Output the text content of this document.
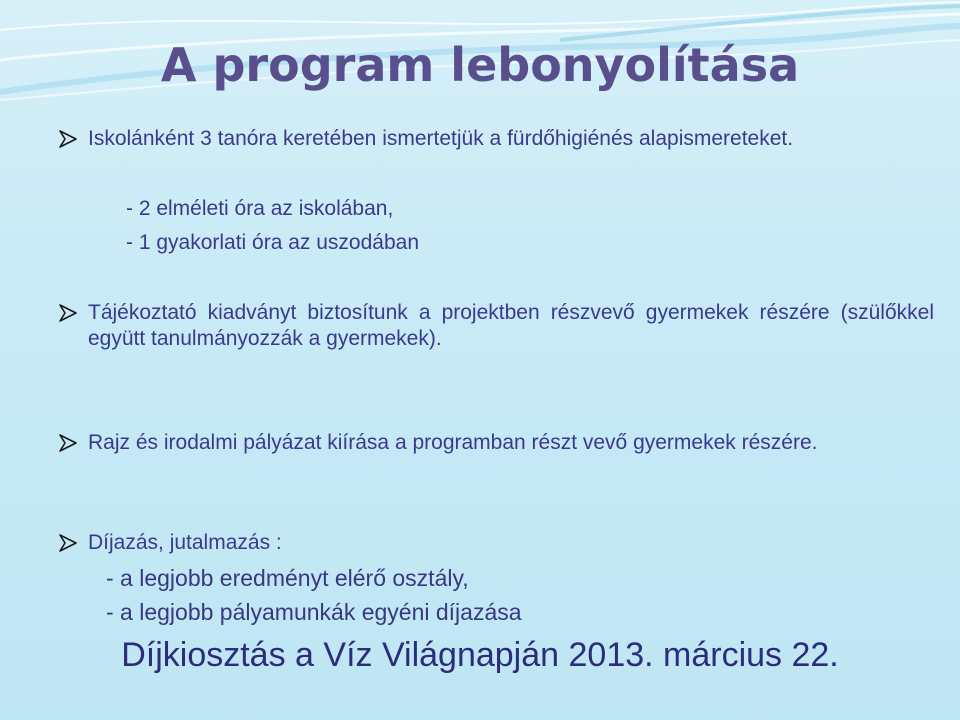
A program lebonyolítása
Iskolánként 3 tanóra keretében ismertetjük a fürdőhigiénés alapismereteket.
- 2 elméleti óra az iskolában,
- 1 gyakorlati óra az uszodában
Tájékoztató kiadványt biztosítunk a projektben részvevő gyermekek részére (szülőkkel együtt tanulmányozzák a gyermekek).
Rajz és irodalmi pályázat kiírása a programban részt vevő gyermekek részére.
Díjazás, jutalmazás :
- a legjobb eredményt elérő osztály,
- a legjobb pályamunkák egyéni díjazása
Díjkiosztás a Víz Világnapján 2013. március 22.
